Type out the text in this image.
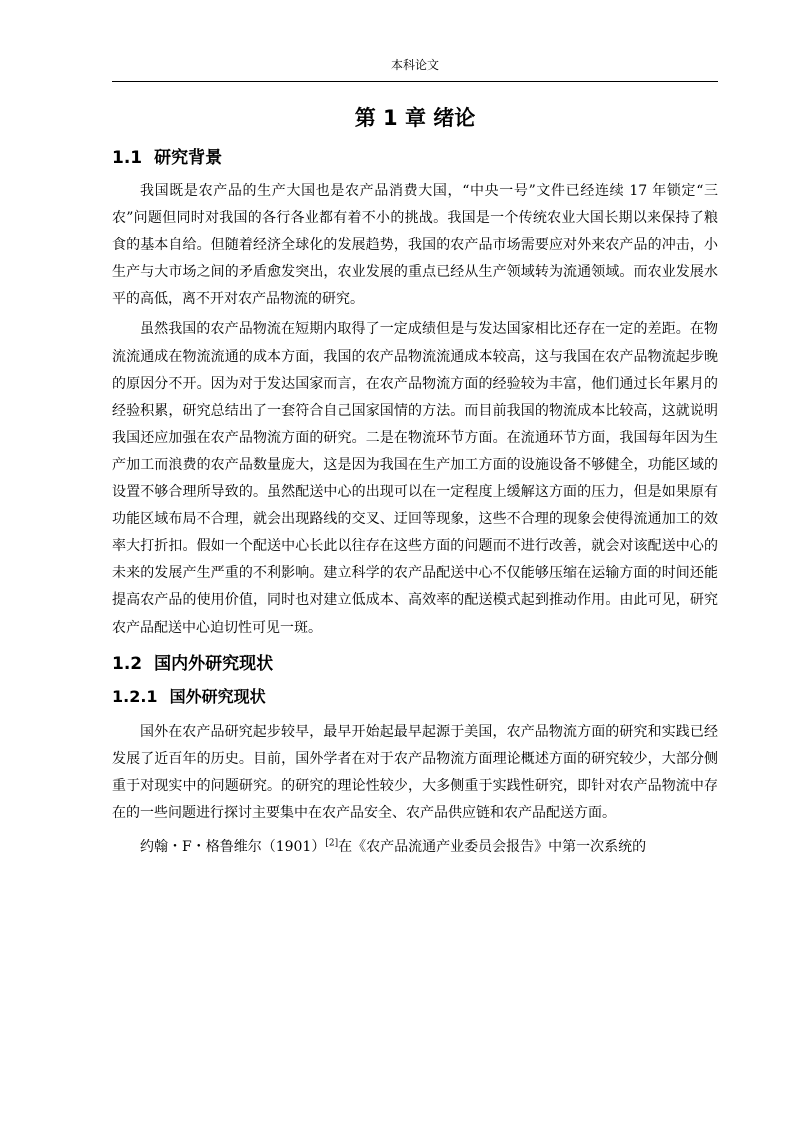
本科论文
第 1 章 绪论
1.1 研究背景

我国既是农产品的生产大国也是农产品消费大国，“中央一号”文件已经连续 17 年锁定“三农”问题但同时对我国的各行各业都有着不小的挑战。我国是一个传统农业大国长期以来保持了粮食的基本自给。但随着经济全球化的发展趋势，我国的农产品市场需要应对外来农产品的冲击，小生产与大市场之间的矛盾愈发突出，农业发展的重点已经从生产领域转为流通领域。而农业发展水平的高低，离不开对农产品物流的研究。

虽然我国的农产品物流在短期内取得了一定成绩但是与发达国家相比还存在一定的差距。在物流流通成在物流流通的成本方面，我国的农产品物流流通成本较高，这与我国在农产品物流起步晚的原因分不开。因为对于发达国家而言，在农产品物流方面的经验较为丰富，他们通过长年累月的经验积累，研究总结出了一套符合自己国家国情的方法。而目前我国的物流成本比较高，这就说明我国还应加强在农产品物流方面的研究。二是在物流环节方面。在流通环节方面，我国每年因为生产加工而浪费的农产品数量庞大，这是因为我国在生产加工方面的设施设备不够健全，功能区域的设置不够合理所导致的。虽然配送中心的出现可以在一定程度上缓解这方面的压力，但是如果原有功能区域布局不合理，就会出现路线的交叉、迂回等现象，这些不合理的现象会使得流通加工的效率大打折扣。假如一个配送中心长此以往存在这些方面的问题而不进行改善，就会对该配送中心的未来的发展产生严重的不利影响。建立科学的农产品配送中心不仅能够压缩在运输方面的时间还能提高农产品的使用价值，同时也对建立低成本、高效率的配送模式起到推动作用。由此可见，研究农产品配送中心迫切性可见一斑。

1.2 国内外研究现状
1.2.1 国外研究现状

国外在农产品研究起步较早，最早开始起最早起源于美国，农产品物流方面的研究和实践已经发展了近百年的历史。目前，国外学者在对于农产品物流方面理论概述方面的研究较少，大部分侧重于对现实中的问题研究。的研究的理论性较少，大多侧重于实践性研究，即针对农产品物流中存在的一些问题进行探讨主要集中在农产品安全、农产品供应链和农产品配送方面。

约翰・F・格鲁维尔（1901）[2]在《农产品流通产业委员会报告》中第一次系统的
